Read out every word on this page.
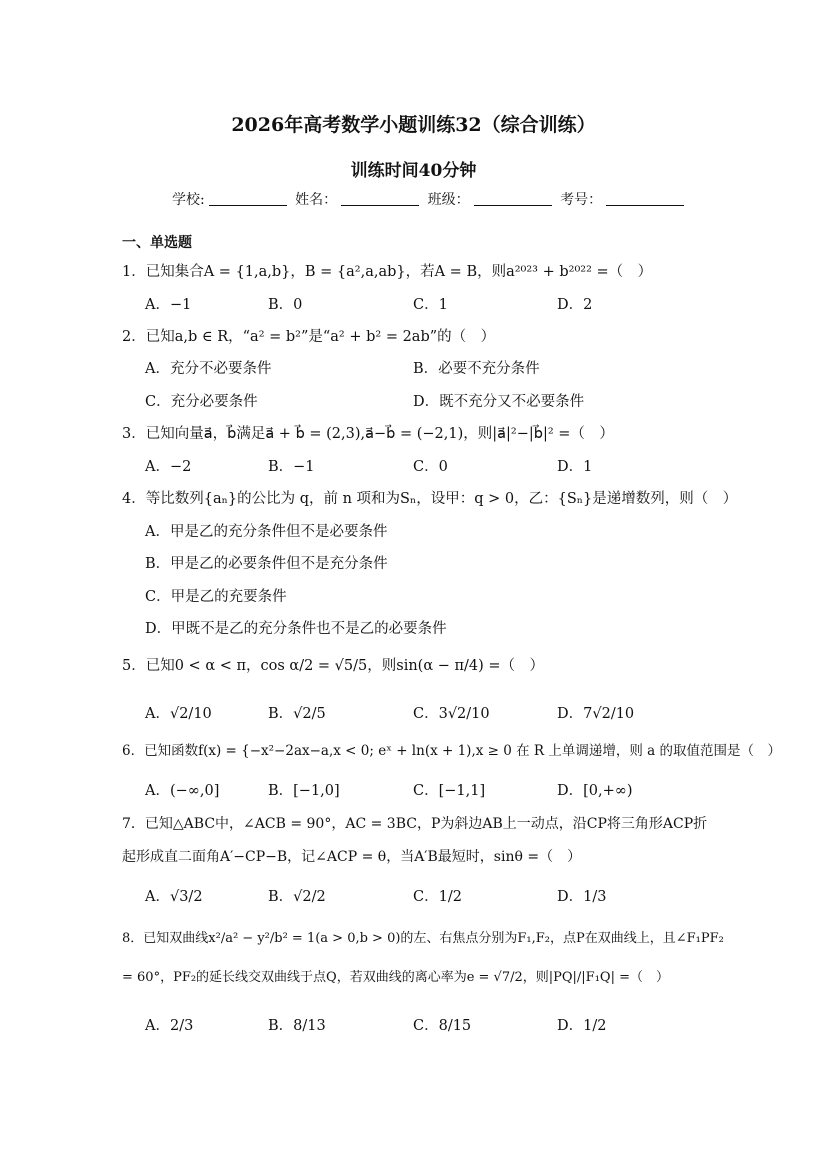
2026年高考数学小题训练32（综合训练）
训练时间40分钟
学校:	姓名：	班级：	考号：
一、单选题
1．已知集合A = {1,a,b}，B = {a²,a,ab}，若A = B，则a²⁰²³ + b²⁰²² =（　）
A．−1	B．0	C．1	D．2
2．已知a,b ∈ R，“a² = b²”是“a² + b² = 2ab”的（　）
A．充分不必要条件	B．必要不充分条件
C．充分必要条件	D．既不充分又不必要条件
3．已知向量a⃗，b⃗满足a⃗ + b⃗ = (2,3),a⃗−b⃗ = (−2,1)，则|a⃗|²−|b⃗|² =（　）
A．−2	B．−1	C．0	D．1
4．等比数列{aₙ}的公比为 q，前 n 项和为Sₙ，设甲：q > 0，乙：{Sₙ}是递增数列，则（　）
A．甲是乙的充分条件但不是必要条件
B．甲是乙的必要条件但不是充分条件
C．甲是乙的充要条件
D．甲既不是乙的充分条件也不是乙的必要条件
5．已知0 < α < π，cos α/2 = √5/5，则sin(α − π/4) =（　）
A．√2/10	B．√2/5	C．3√2/10	D．7√2/10
6．已知函数f(x) = {−x²−2ax−a,x < 0; eˣ + ln(x + 1),x ≥ 0 在 R 上单调递增，则 a 的取值范围是（　）
A．(−∞,0]	B．[−1,0]	C．[−1,1]	D．[0,+∞)
7．已知△ABC中，∠ACB = 90°，AC = 3BC，P为斜边AB上一动点，沿CP将三角形ACP折
起形成直二面角A′−CP−B，记∠ACP = θ，当A′B最短时，sinθ =（　）
A．√3/2	B．√2/2	C．1/2	D．1/3
8．已知双曲线x²/a² − y²/b² = 1(a > 0,b > 0)的左、右焦点分别为F₁,F₂，点P在双曲线上，且∠F₁PF₂
= 60°，PF₂的延长线交双曲线于点Q，若双曲线的离心率为e = √7/2，则|PQ|/|F₁Q| =（　）
A．2/3	B．8/13	C．8/15	D．1/2
